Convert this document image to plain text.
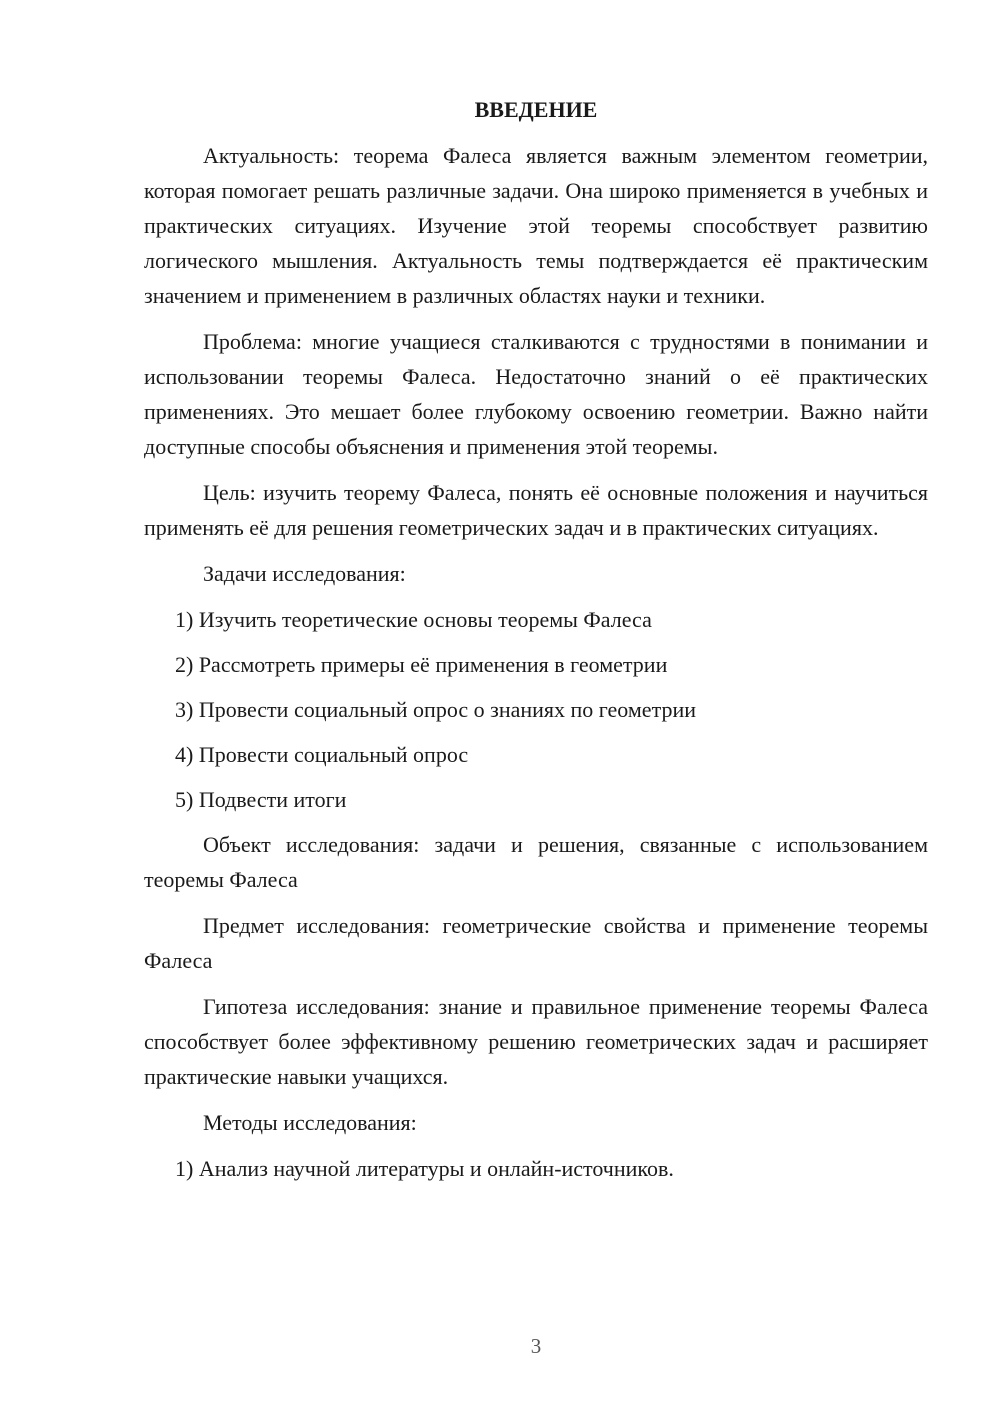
ВВЕДЕНИЕ

Актуальность: теорема Фалеса является важным элементом геометрии, которая помогает решать различные задачи. Она широко применяется в учебных и практических ситуациях. Изучение этой теоремы способствует развитию логического мышления. Актуальность темы подтверждается её практическим значением и применением в различных областях науки и техники.

Проблема: многие учащиеся сталкиваются с трудностями в понимании и использовании теоремы Фалеса. Недостаточно знаний о её практических применениях. Это мешает более глубокому освоению геометрии. Важно найти доступные способы объяснения и применения этой теоремы.

Цель: изучить теорему Фалеса, понять её основные положения и научиться применять её для решения геометрических задач и в практических ситуациях.

Задачи исследования:

1) Изучить теоретические основы теоремы Фалеса

2) Рассмотреть примеры её применения в геометрии

3) Провести социальный опрос о знаниях по геометрии

4) Провести социальный опрос

5) Подвести итоги

Объект исследования: задачи и решения, связанные с использованием теоремы Фалеса

Предмет исследования: геометрические свойства и применение теоремы Фалеса

Гипотеза исследования: знание и правильное применение теоремы Фалеса способствует более эффективному решению геометрических задач и расширяет практические навыки учащихся.

Методы исследования:

1) Анализ научной литературы и онлайн-источников.

3
